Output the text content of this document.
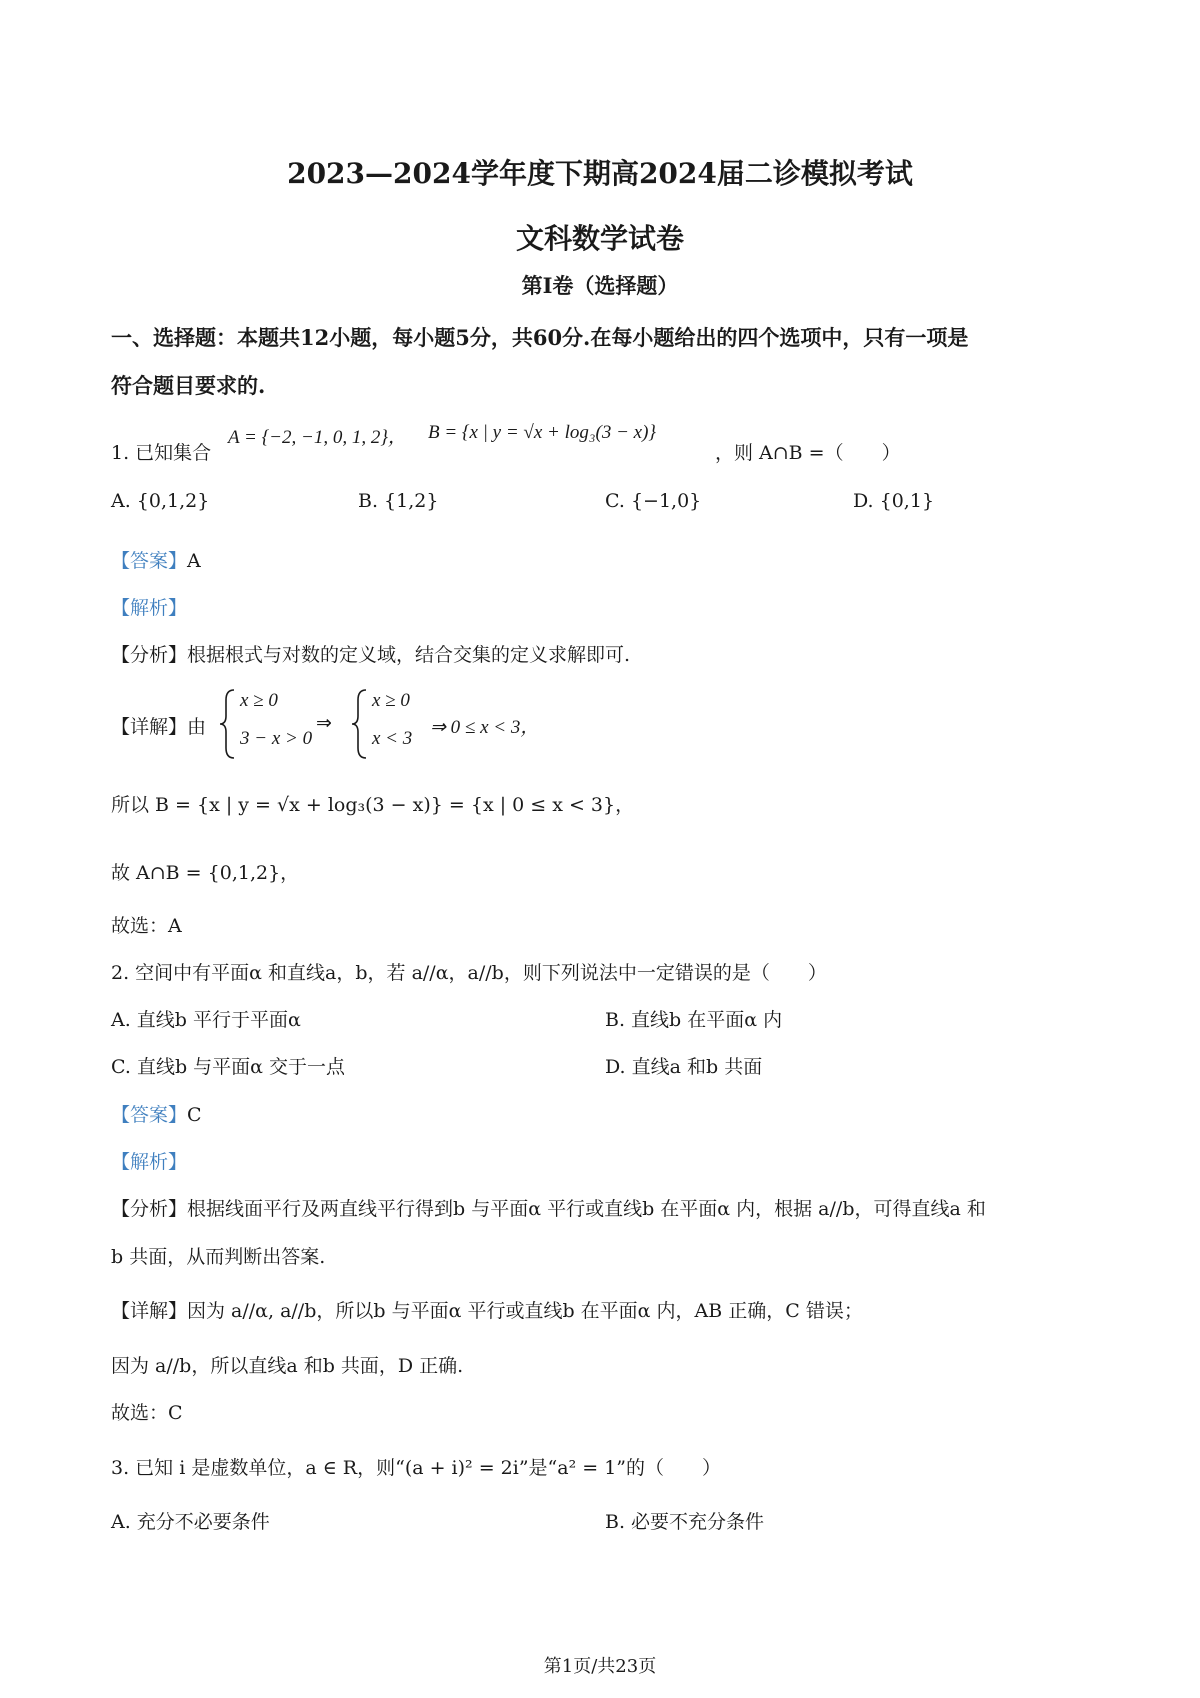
2023—2024学年度下期高2024届二诊模拟考试
文科数学试卷
第I卷（选择题）
一、选择题：本题共12小题，每小题5分，共60分.在每小题给出的四个选项中，只有一项是
符合题目要求的.
1. 已知集合
A = {−2, −1, 0, 1, 2}， B = {x | y = √x + log₃(3 − x)}
，则 A∩B =（　　）
A. {0,1,2}	B. {1,2}	C. {−1,0}	D. {0,1}
【答案】A
【解析】
【分析】根据根式与对数的定义域，结合交集的定义求解即可.
【详解】由
x ≥ 0
3 − x > 0
⇒
x ≥ 0
x < 3
⇒ 0 ≤ x < 3，
所以 B = {x | y = √x + log₃(3 − x)} = {x | 0 ≤ x < 3}，
故 A∩B = {0,1,2}，
故选：A
2. 空间中有平面α 和直线a，b，若 a//α，a//b，则下列说法中一定错误的是（　　）
A. 直线b 平行于平面α	B. 直线b 在平面α 内
C. 直线b 与平面α 交于一点	D. 直线a 和b 共面
【答案】C
【解析】
【分析】根据线面平行及两直线平行得到b 与平面α 平行或直线b 在平面α 内，根据 a//b，可得直线a 和
b 共面，从而判断出答案.
【详解】因为 a//α, a//b，所以b 与平面α 平行或直线b 在平面α 内，AB 正确，C 错误；
因为 a//b，所以直线a 和b 共面，D 正确.
故选：C
3. 已知 i 是虚数单位，a ∈ R，则“(a + i)² = 2i”是“a² = 1”的（　　）
A. 充分不必要条件	B. 必要不充分条件
第1页/共23页
